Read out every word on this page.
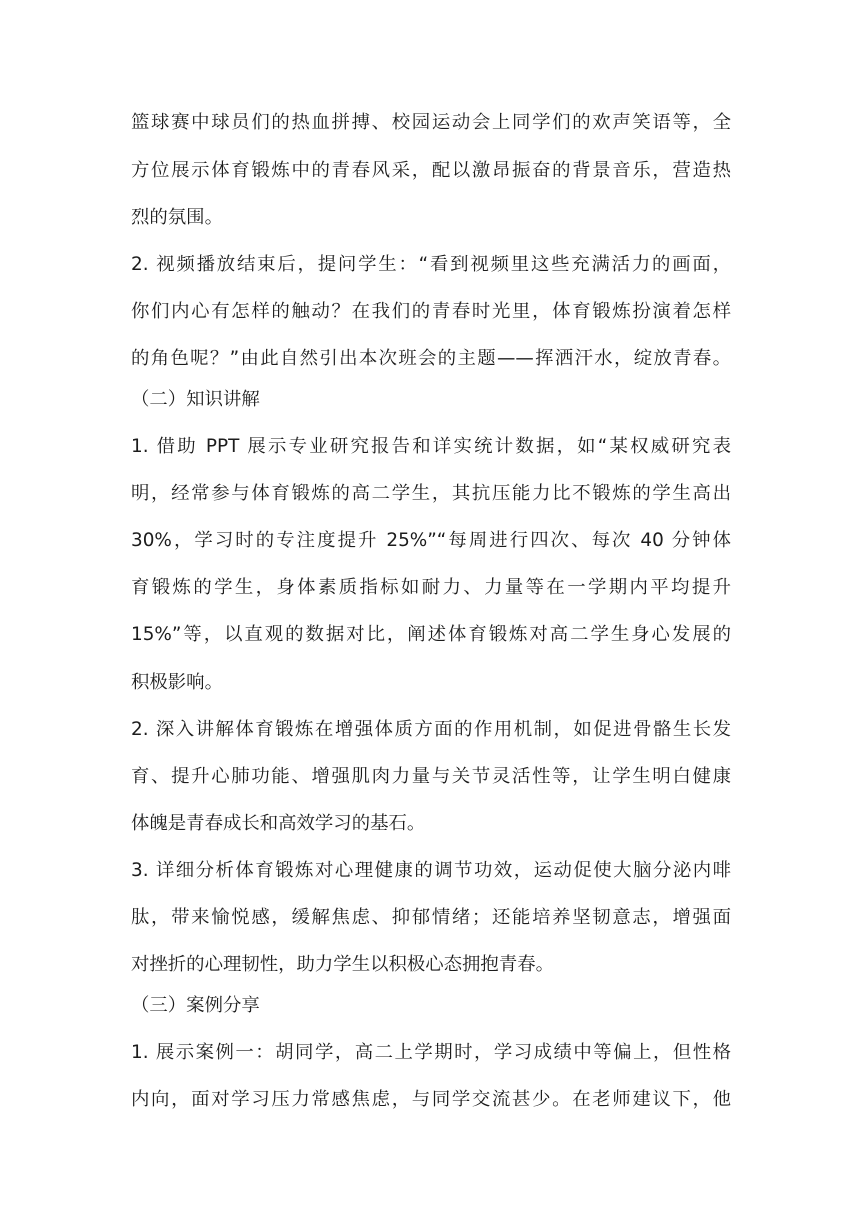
篮球赛中球员们的热血拼搏、校园运动会上同学们的欢声笑语等，全
方位展示体育锻炼中的青春风采，配以激昂振奋的背景音乐，营造热
烈的氛围。
2. 视频播放结束后，提问学生：“看到视频里这些充满活力的画面，
你们内心有怎样的触动？在我们的青春时光里，体育锻炼扮演着怎样
的角色呢？”由此自然引出本次班会的主题——挥洒汗水，绽放青春。
（二）知识讲解
1. 借助 PPT 展示专业研究报告和详实统计数据，如“某权威研究表
明，经常参与体育锻炼的高二学生，其抗压能力比不锻炼的学生高出
30%，学习时的专注度提升 25%”“每周进行四次、每次 40 分钟体
育锻炼的学生，身体素质指标如耐力、力量等在一学期内平均提升
15%”等，以直观的数据对比，阐述体育锻炼对高二学生身心发展的
积极影响。
2. 深入讲解体育锻炼在增强体质方面的作用机制，如促进骨骼生长发
育、提升心肺功能、增强肌肉力量与关节灵活性等，让学生明白健康
体魄是青春成长和高效学习的基石。
3. 详细分析体育锻炼对心理健康的调节功效，运动促使大脑分泌内啡
肽，带来愉悦感，缓解焦虑、抑郁情绪；还能培养坚韧意志，增强面
对挫折的心理韧性，助力学生以积极心态拥抱青春。
（三）案例分享
1. 展示案例一：胡同学，高二上学期时，学习成绩中等偏上，但性格
内向，面对学习压力常感焦虑，与同学交流甚少。在老师建议下，他
